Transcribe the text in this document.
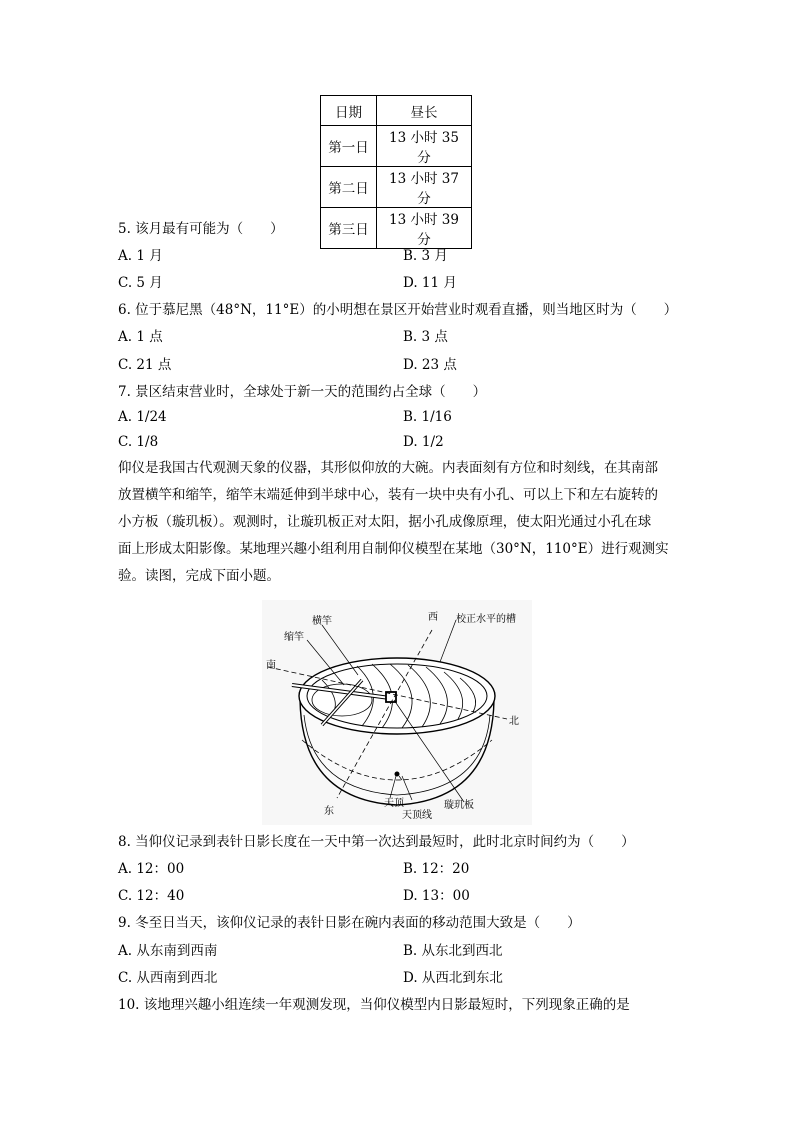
日期	昼长
第一日	13 小时 35 分
第二日	13 小时 37 分
第三日	13 小时 39 分
5. 该月最有可能为（　　）
A. 1 月	B. 3 月
C. 5 月	D. 11 月
6. 位于慕尼黑（48°N，11°E）的小明想在景区开始营业时观看直播，则当地区时为（　　）
A. 1 点	B. 3 点
C. 21 点	D. 23 点
7. 景区结束营业时，全球处于新一天的范围约占全球（　　）
A. 1/24	B. 1/16
C. 1/8	D. 1/2

仰仪是我国古代观测天象的仪器，其形似仰放的大碗。内表面刻有方位和时刻线，在其南部

放置横竿和缩竿，缩竿末端延伸到半球中心，装有一块中央有小孔、可以上下和左右旋转的

小方板（璇玑板）。观测时，让璇玑板正对太阳，据小孔成像原理，使太阳光通过小孔在球

面上形成太阳影像。某地理兴趣小组利用自制仰仪模型在某地（30°N，110°E）进行观测实

验。读图，完成下面小题。

横竿
缩竿
南
西 校正水平的槽
北
东
天顶
天顶线
璇玑板
8. 当仰仪记录到表针日影长度在一天中第一次达到最短时，此时北京时间约为（　　）
A. 12：00	B. 12：20
C. 12：40	D. 13：00
9. 冬至日当天，该仰仪记录的表针日影在碗内表面的移动范围大致是（　　）
A. 从东南到西南	B. 从东北到西北
C. 从西南到西北	D. 从西北到东北
10. 该地理兴趣小组连续一年观测发现，当仰仪模型内日影最短时，下列现象正确的是
